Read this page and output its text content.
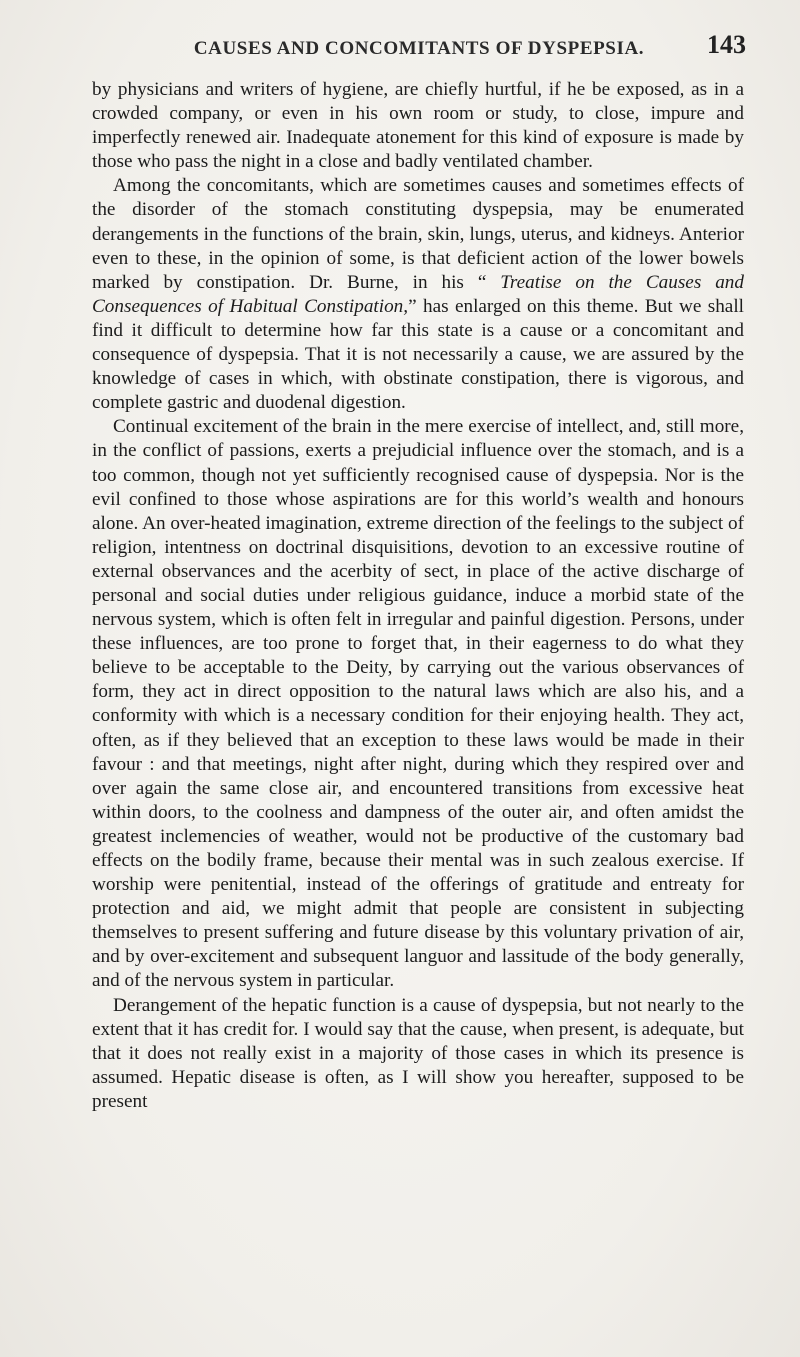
CAUSES AND CONCOMITANTS OF DYSPEPSIA.	143

by physicians and writers of hygiene, are chiefly hurtful, if he be exposed, as in a crowded company, or even in his own room or study, to close, impure and imperfectly renewed air. Inadequate atonement for this kind of exposure is made by those who pass the night in a close and badly ventilated chamber.

Among the concomitants, which are sometimes causes and sometimes effects of the disorder of the stomach constituting dyspepsia, may be enumerated derangements in the functions of the brain, skin, lungs, uterus, and kidneys. Anterior even to these, in the opinion of some, is that deficient action of the lower bowels marked by constipation. Dr. Burne, in his “ Treatise on the Causes and Consequences of Habitual Constipation,” has enlarged on this theme. But we shall find it difficult to determine how far this state is a cause or a concomitant and consequence of dyspepsia. That it is not necessarily a cause, we are assured by the knowledge of cases in which, with obstinate constipation, there is vigorous, and complete gastric and duodenal digestion.

Continual excitement of the brain in the mere exercise of intellect, and, still more, in the conflict of passions, exerts a prejudicial influence over the stomach, and is a too common, though not yet sufficiently recognised cause of dyspepsia. Nor is the evil confined to those whose aspirations are for this world’s wealth and honours alone. An over-heated imagination, extreme direction of the feelings to the subject of religion, intentness on doctrinal disquisitions, devotion to an excessive routine of external observances and the acerbity of sect, in place of the active discharge of personal and social duties under religious guidance, induce a morbid state of the nervous system, which is often felt in irregular and painful digestion. Persons, under these influences, are too prone to forget that, in their eagerness to do what they believe to be acceptable to the Deity, by carrying out the various observances of form, they act in direct opposition to the natural laws which are also his, and a conformity with which is a necessary condition for their enjoying health. They act, often, as if they believed that an exception to these laws would be made in their favour : and that meetings, night after night, during which they respired over and over again the same close air, and encountered transitions from excessive heat within doors, to the coolness and dampness of the outer air, and often amidst the greatest inclemencies of weather, would not be productive of the customary bad effects on the bodily frame, because their mental was in such zealous exercise. If worship were penitential, instead of the offerings of gratitude and entreaty for protection and aid, we might admit that people are consistent in subjecting themselves to present suffering and future disease by this voluntary privation of air, and by over-excitement and subsequent languor and lassitude of the body generally, and of the nervous system in particular.

Derangement of the hepatic function is a cause of dyspepsia, but not nearly to the extent that it has credit for. I would say that the cause, when present, is adequate, but that it does not really exist in a majority of those cases in which its presence is assumed. Hepatic disease is often, as I will show you hereafter, supposed to be present
